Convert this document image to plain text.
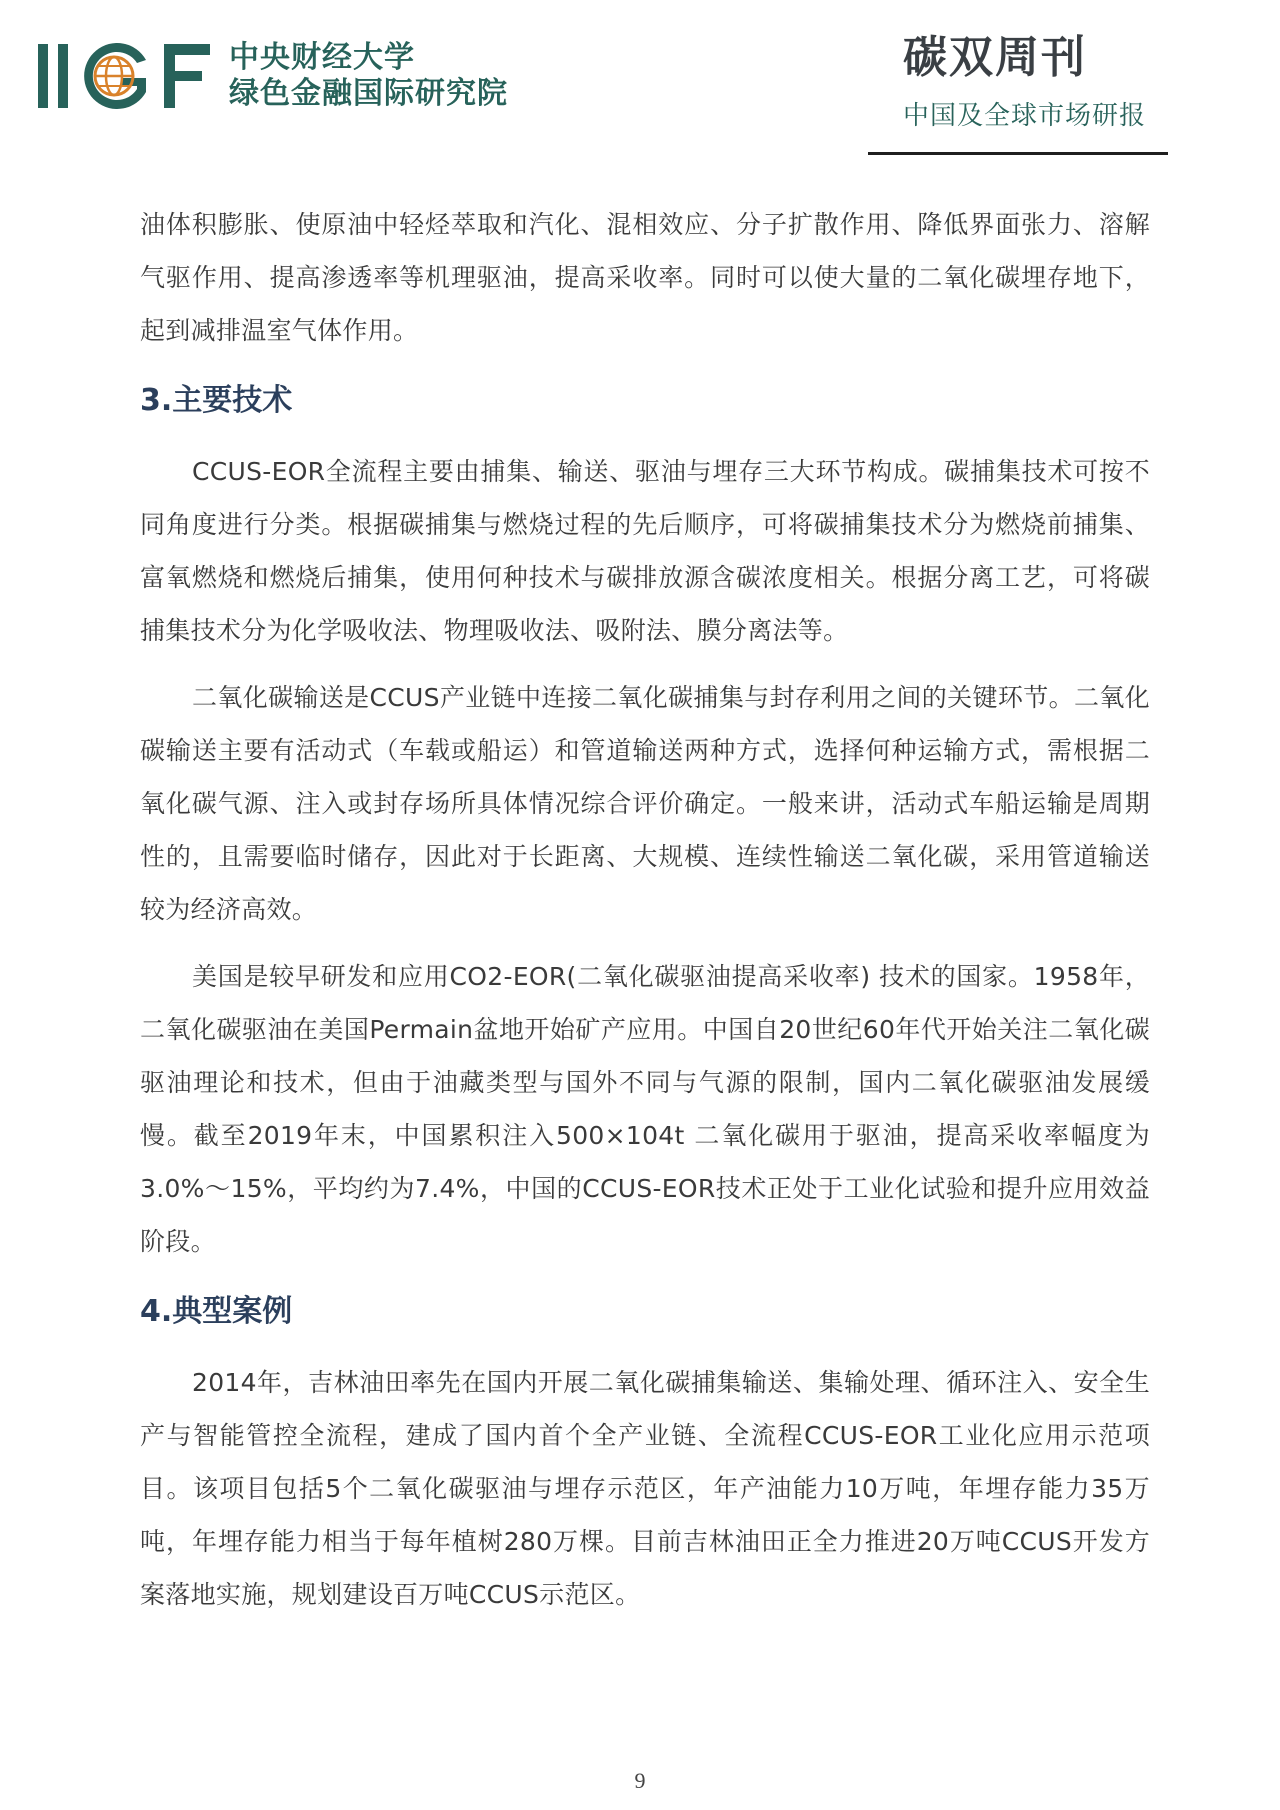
IIGF
中央财经大学
绿色金融国际研究院
碳双周刊
中国及全球市场研报

油体积膨胀、使原油中轻烃萃取和汽化、混相效应、分子扩散作用、降低界面张力、溶解气驱作用、提高渗透率等机理驱油，提高采收率。同时可以使大量的二氧化碳埋存地下，起到减排温室气体作用。

3.主要技术

CCUS-EOR全流程主要由捕集、输送、驱油与埋存三大环节构成。碳捕集技术可按不同角度进行分类。根据碳捕集与燃烧过程的先后顺序，可将碳捕集技术分为燃烧前捕集、富氧燃烧和燃烧后捕集，使用何种技术与碳排放源含碳浓度相关。根据分离工艺，可将碳捕集技术分为化学吸收法、物理吸收法、吸附法、膜分离法等。

二氧化碳输送是CCUS产业链中连接二氧化碳捕集与封存利用之间的关键环节。二氧化碳输送主要有活动式（车载或船运）和管道输送两种方式，选择何种运输方式，需根据二氧化碳气源、注入或封存场所具体情况综合评价确定。一般来讲，活动式车船运输是周期性的，且需要临时储存，因此对于长距离、大规模、连续性输送二氧化碳，采用管道输送较为经济高效。

美国是较早研发和应用CO2-EOR(二氧化碳驱油提高采收率) 技术的国家。1958年，二氧化碳驱油在美国Permain盆地开始矿产应用。中国自20世纪60年代开始关注二氧化碳驱油理论和技术，但由于油藏类型与国外不同与气源的限制，国内二氧化碳驱油发展缓慢。截至2019年末，中国累积注入500×104t 二氧化碳用于驱油，提高采收率幅度为3.0%～15%，平均约为7.4%，中国的CCUS-EOR技术正处于工业化试验和提升应用效益阶段。

4.典型案例

2014年，吉林油田率先在国内开展二氧化碳捕集输送、集输处理、循环注入、安全生产与智能管控全流程，建成了国内首个全产业链、全流程CCUS-EOR工业化应用示范项目。该项目包括5个二氧化碳驱油与埋存示范区，年产油能力10万吨，年埋存能力35万吨，年埋存能力相当于每年植树280万棵。目前吉林油田正全力推进20万吨CCUS开发方案落地实施，规划建设百万吨CCUS示范区。

9
